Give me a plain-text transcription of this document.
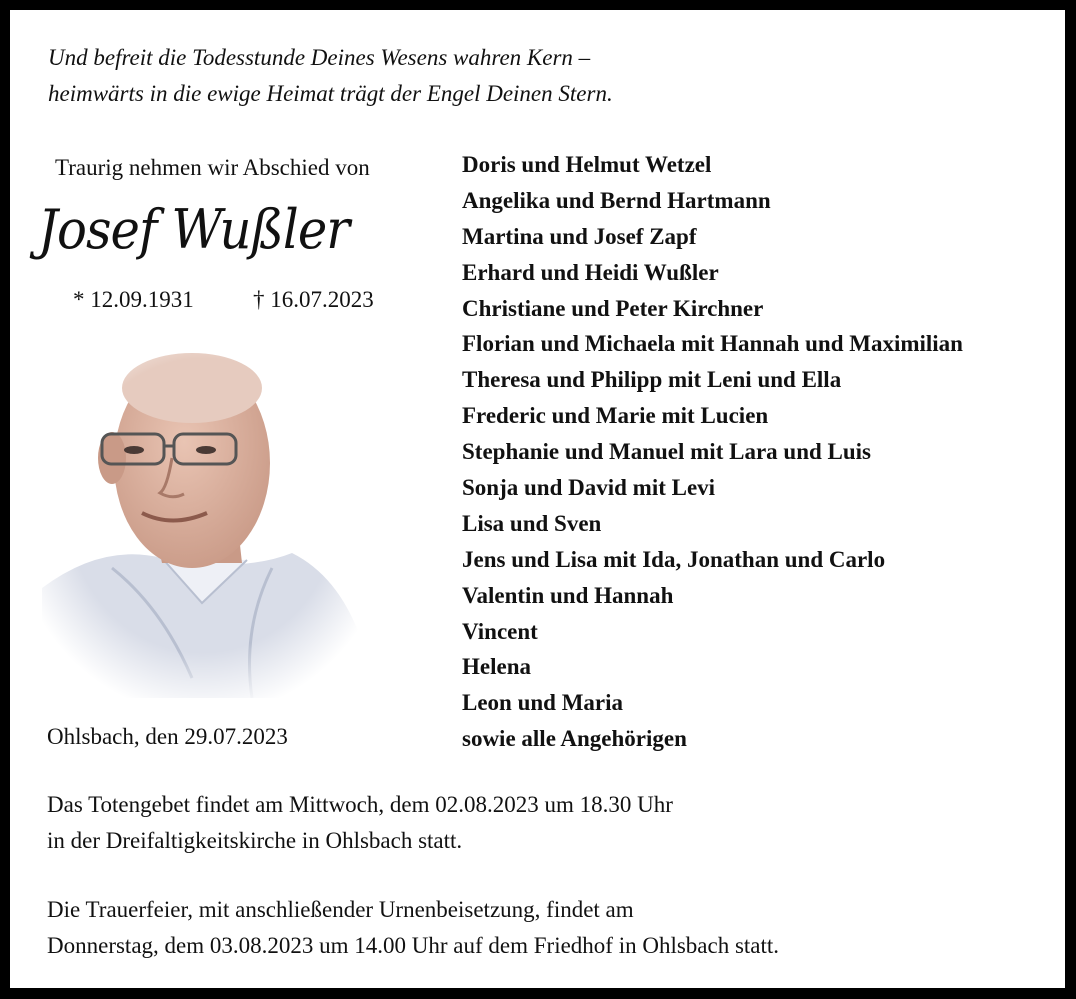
Und befreit die Todesstunde Deines Wesens wahren Kern –
heimwärts in die ewige Heimat trägt der Engel Deinen Stern.
Traurig nehmen wir Abschied von
Josef Wußler
* 12.09.1931	† 16.07.2023
Ohlsbach, den 29.07.2023
Doris und Helmut Wetzel
Angelika und Bernd Hartmann
Martina und Josef Zapf
Erhard und Heidi Wußler
Christiane und Peter Kirchner
Florian und Michaela mit Hannah und Maximilian
Theresa und Philipp mit Leni und Ella
Frederic und Marie mit Lucien
Stephanie und Manuel mit Lara und Luis
Sonja und David mit Levi
Lisa und Sven
Jens und Lisa mit Ida, Jonathan und Carlo
Valentin und Hannah
Vincent
Helena
Leon und Maria
sowie alle Angehörigen
Das Totengebet findet am Mittwoch, dem 02.08.2023 um 18.30 Uhr
in der Dreifaltigkeitskirche in Ohlsbach statt.
Die Trauerfeier, mit anschließender Urnenbeisetzung, findet am
Donnerstag, dem 03.08.2023 um 14.00 Uhr auf dem Friedhof in Ohlsbach statt.
